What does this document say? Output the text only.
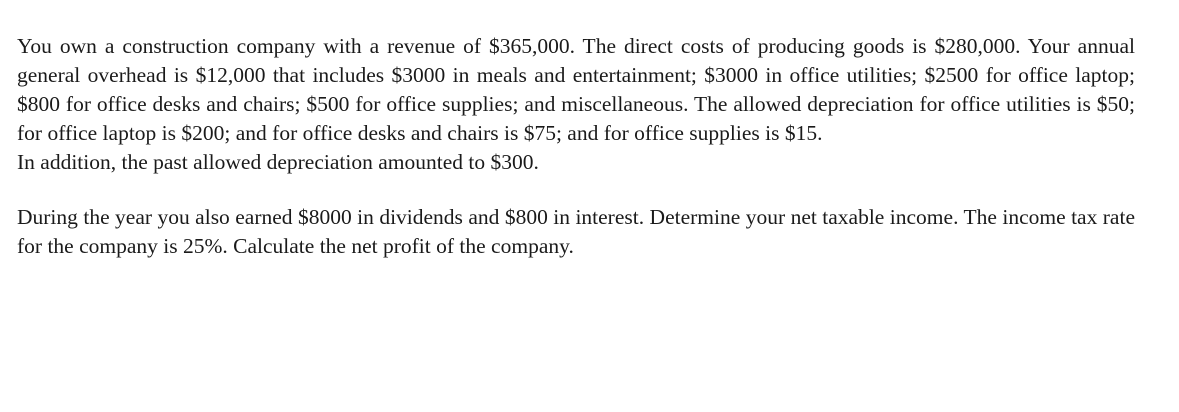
You own a construction company with a revenue of $365,000. The direct costs of producing goods is $280,000. Your annual general overhead is $12,000 that includes $3000 in meals and entertainment; $3000 in office utilities; $2500 for office laptop; $800 for office desks and chairs; $500 for office supplies; and miscellaneous. The allowed depreciation for office utilities is $50; for office laptop is $200; and for office desks and chairs is $75; and for office supplies is $15.

In addition, the past allowed depreciation amounted to $300.

During the year you also earned $8000 in dividends and $800 in interest. Determine your net taxable income. The income tax rate for the company is 25%. Calculate the net profit of the company.
